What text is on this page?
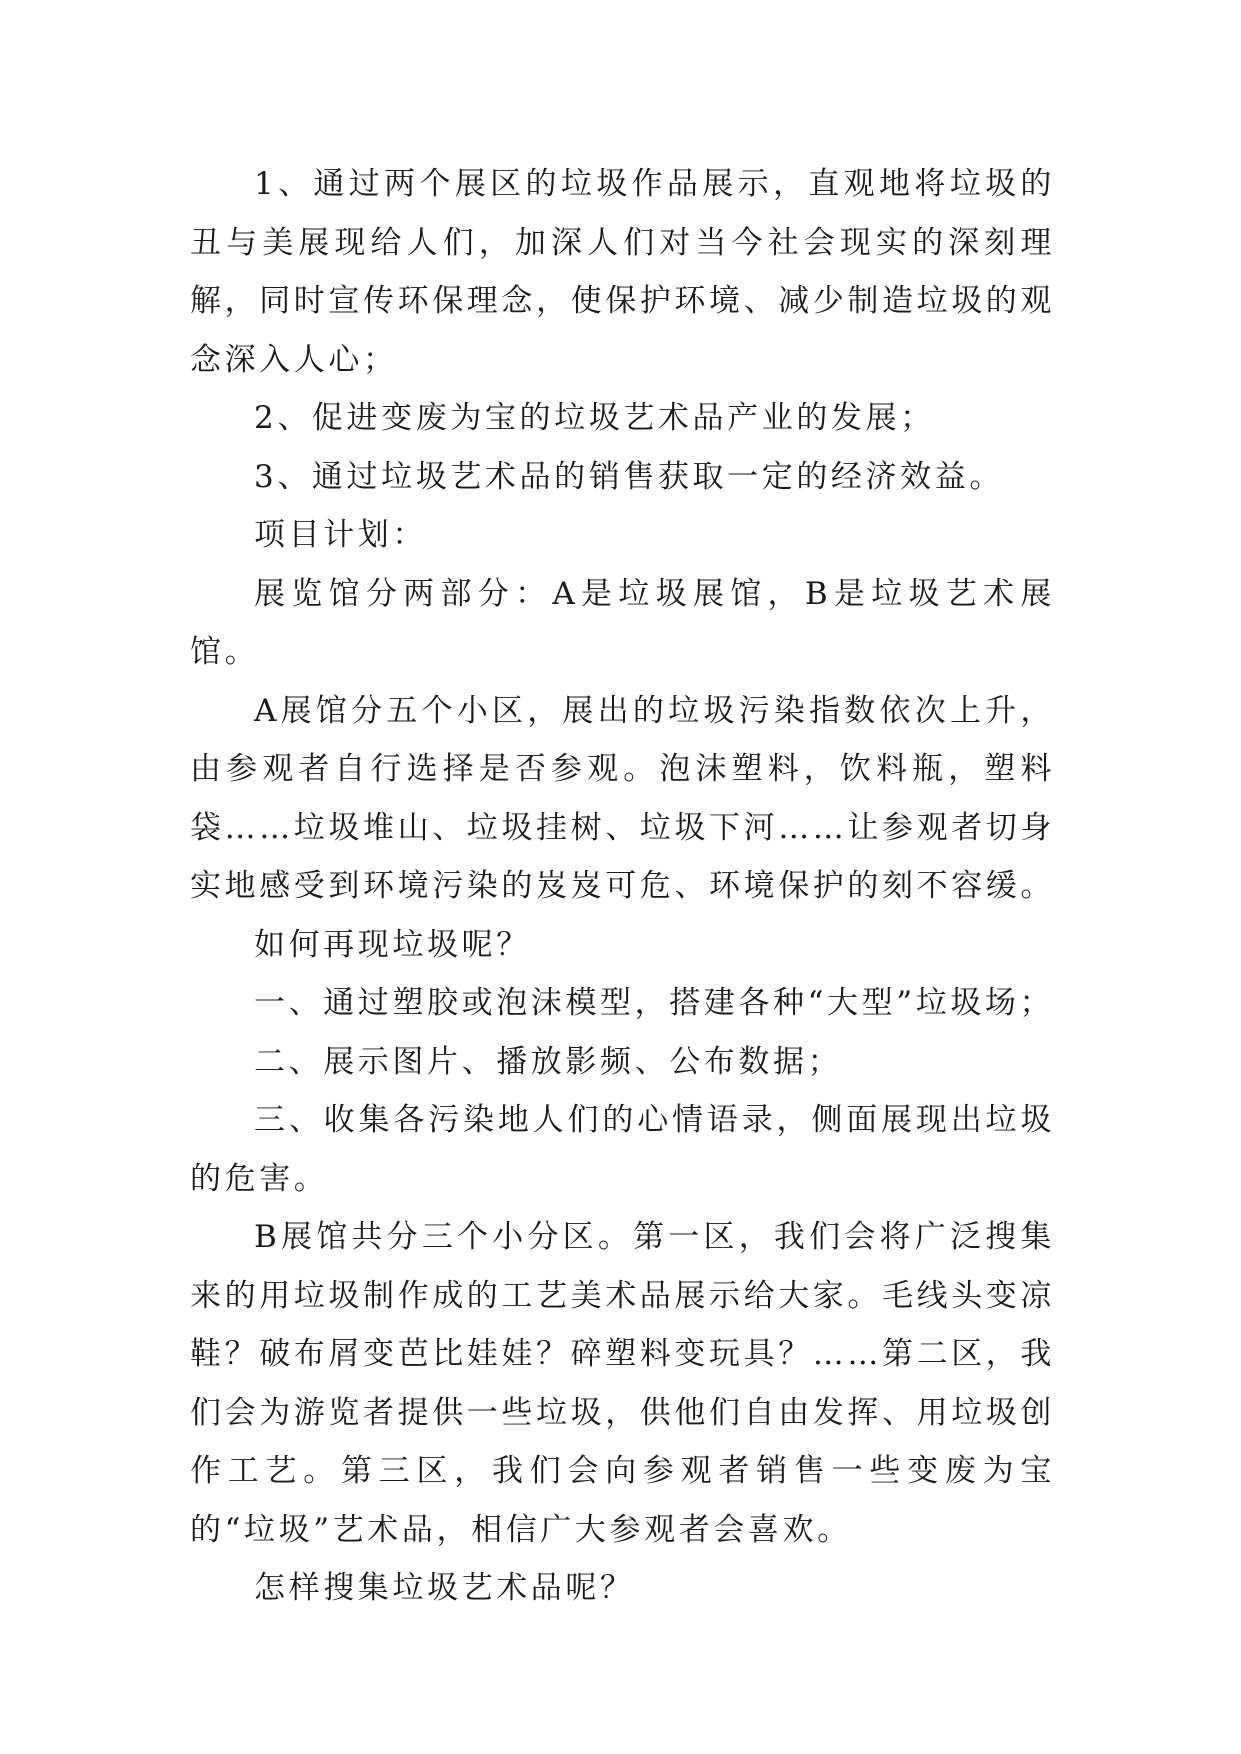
1、通过两个展区的垃圾作品展示，直观地将垃圾的丑与美展现给人们，加深人们对当今社会现实的深刻理解，同时宣传环保理念，使保护环境、减少制造垃圾的观念深入人心；

2、促进变废为宝的垃圾艺术品产业的发展；

3、通过垃圾艺术品的销售获取一定的经济效益。

项目计划：

展览馆分两部分：A是垃圾展馆，B是垃圾艺术展馆。

A展馆分五个小区，展出的垃圾污染指数依次上升，由参观者自行选择是否参观。泡沫塑料，饮料瓶，塑料袋……垃圾堆山、垃圾挂树、垃圾下河……让参观者切身实地感受到环境污染的岌岌可危、环境保护的刻不容缓。

如何再现垃圾呢？

一、通过塑胶或泡沫模型，搭建各种“大型”垃圾场；

二、展示图片、播放影频、公布数据；

三、收集各污染地人们的心情语录，侧面展现出垃圾的危害。

B展馆共分三个小分区。第一区，我们会将广泛搜集来的用垃圾制作成的工艺美术品展示给大家。毛线头变凉鞋？破布屑变芭比娃娃？碎塑料变玩具？……第二区，我们会为游览者提供一些垃圾，供他们自由发挥、用垃圾创作工艺。第三区，我们会向参观者销售一些变废为宝的“垃圾”艺术品，相信广大参观者会喜欢。

怎样搜集垃圾艺术品呢？
